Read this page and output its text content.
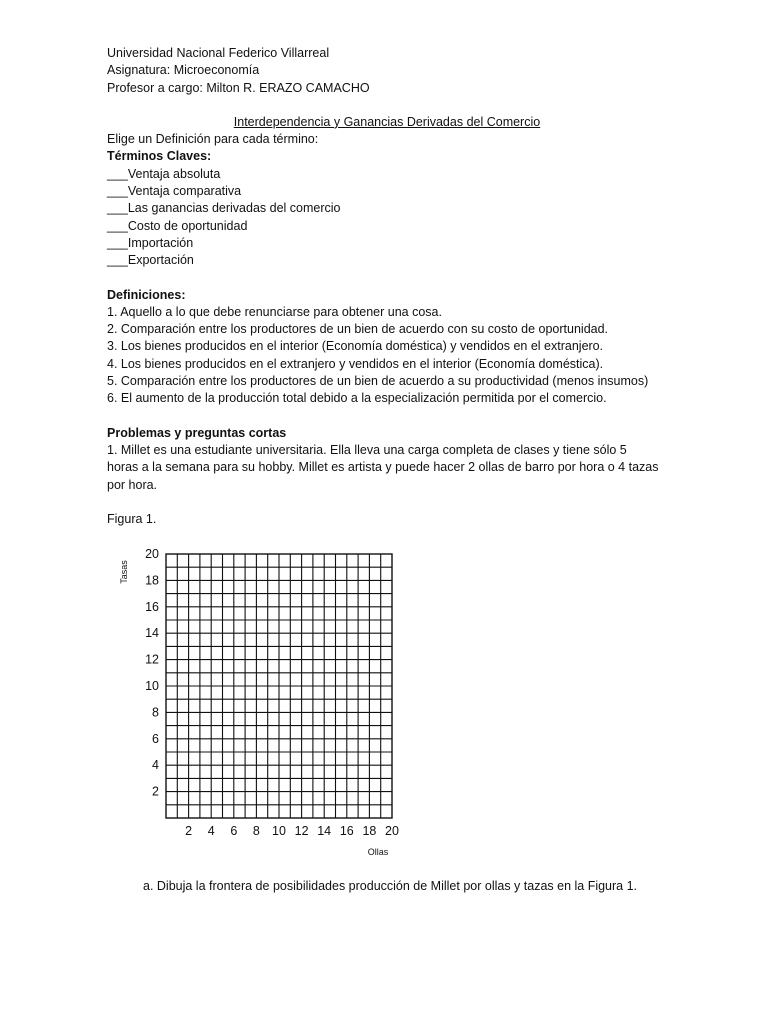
Universidad Nacional Federico Villarreal
Asignatura: Microeconomía
Profesor a cargo: Milton R. ERAZO CAMACHO
Interdependencia y Ganancias Derivadas del Comercio
Elige un Definición para cada término:
Términos Claves:
___Ventaja absoluta
___Ventaja comparativa
___Las ganancias derivadas del comercio
___Costo de oportunidad
___Importación
___Exportación
Definiciones:
1. Aquello a lo que debe renunciarse para obtener una cosa.
2. Comparación entre los productores de un bien de acuerdo con su costo de oportunidad.
3. Los bienes producidos en el interior (Economía doméstica) y vendidos en el extranjero.
4. Los bienes producidos en el extranjero y vendidos en el interior (Economía doméstica).
5. Comparación entre los productores de un bien de acuerdo a su productividad (menos insumos)
6. El aumento de la producción total debido a la especialización permitida por el comercio.
Problemas y preguntas cortas
1. Millet es una estudiante universitaria. Ella lleva una carga completa de clases y tiene sólo 5
horas a la semana para su hobby. Millet es artista y puede hacer 2 ollas de barro por hora o 4 tazas
por hora.
Figura 1.
2
4
6
8
10
12
14
16
18
20
2 4 6 8 10 12 14 16 18 20
Ollas
Tasas
a. Dibuja la frontera de posibilidades producción de Millet por ollas y tazas en la Figura 1.
